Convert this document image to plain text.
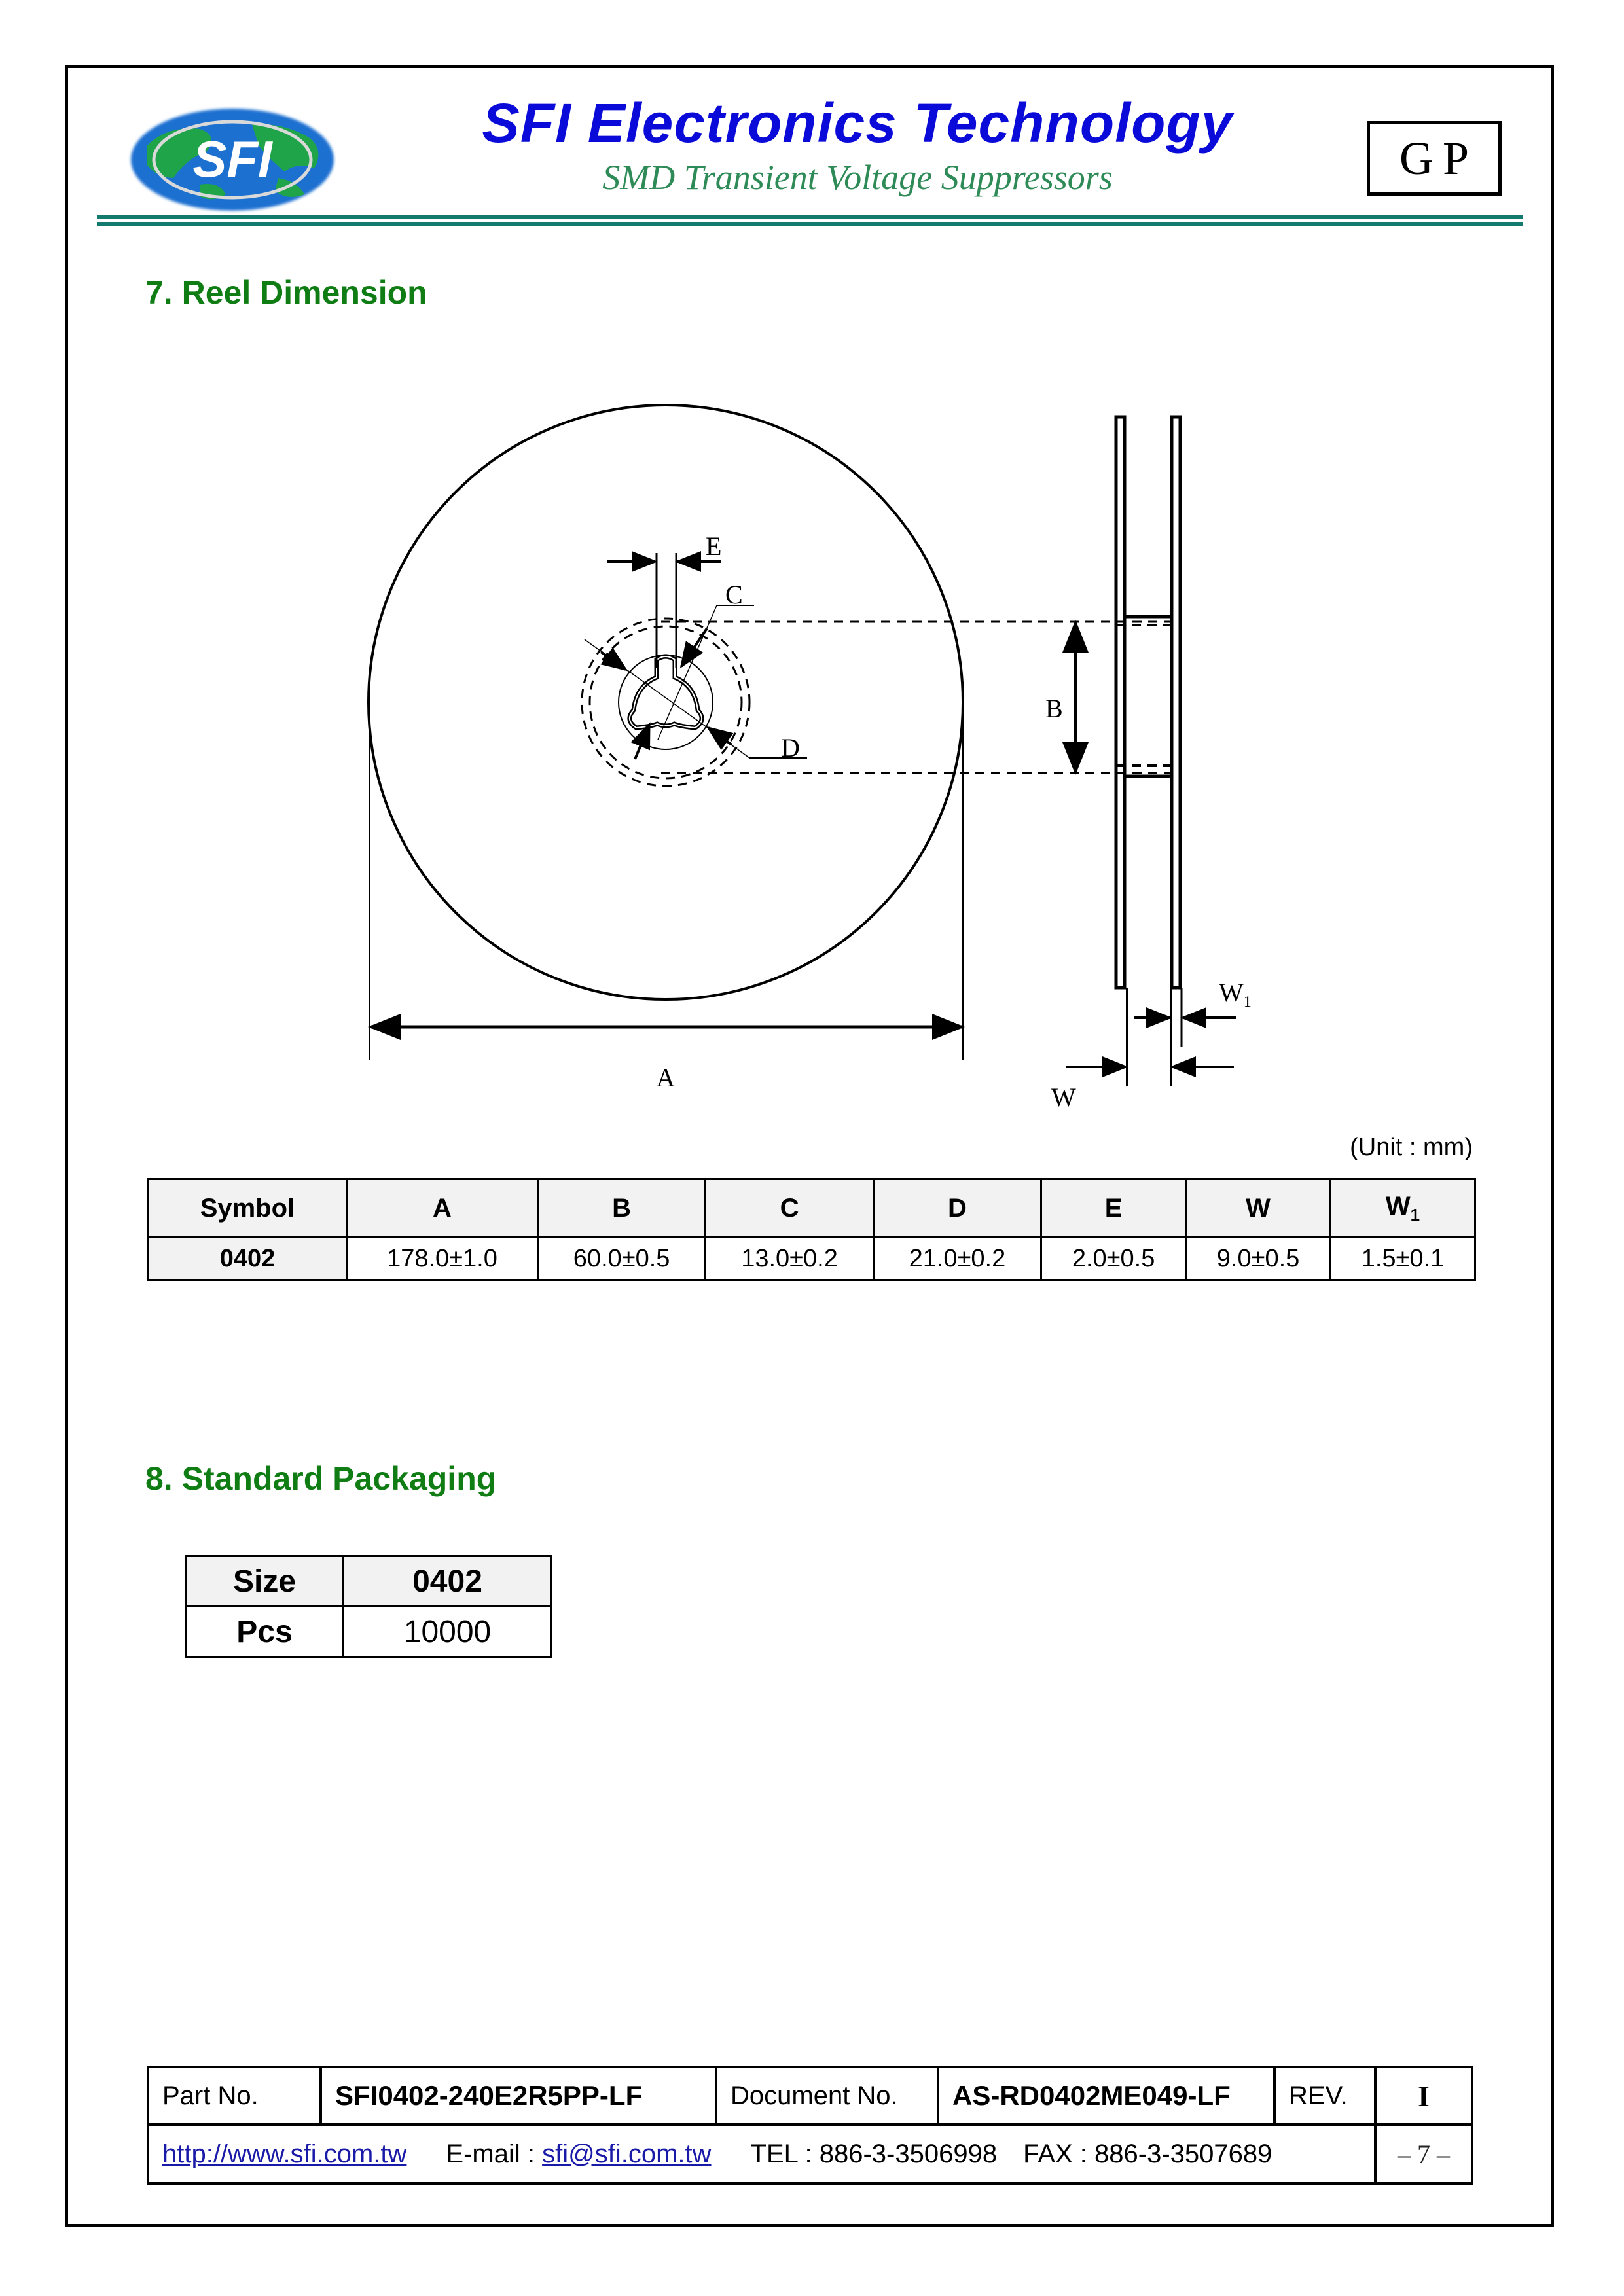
SFI
SFI Electronics Technology
SMD Transient Voltage Suppressors	GP
7. Reel Dimension
E
C
D
A
B
$W_1$
W
(Unit : mm)
Symbol	A	B	C	D	E	W	$W_1$
0402	178.0±1.0	60.0±0.5	13.0±0.2	21.0±0.2	2.0±0.5	9.0±0.5	1.5±0.1
8. Standard Packaging
Size	0402
Pcs	10000
Part No.	SFI0402-240E2R5PP-LF	Document No.	AS-RD0402ME049-LF	REV.	I
http://www.sfi.com.tw E-mail : sfi@sfi.com.tw TEL : 886-3-3506998 FAX : 886-3-3507689					– 7 –
